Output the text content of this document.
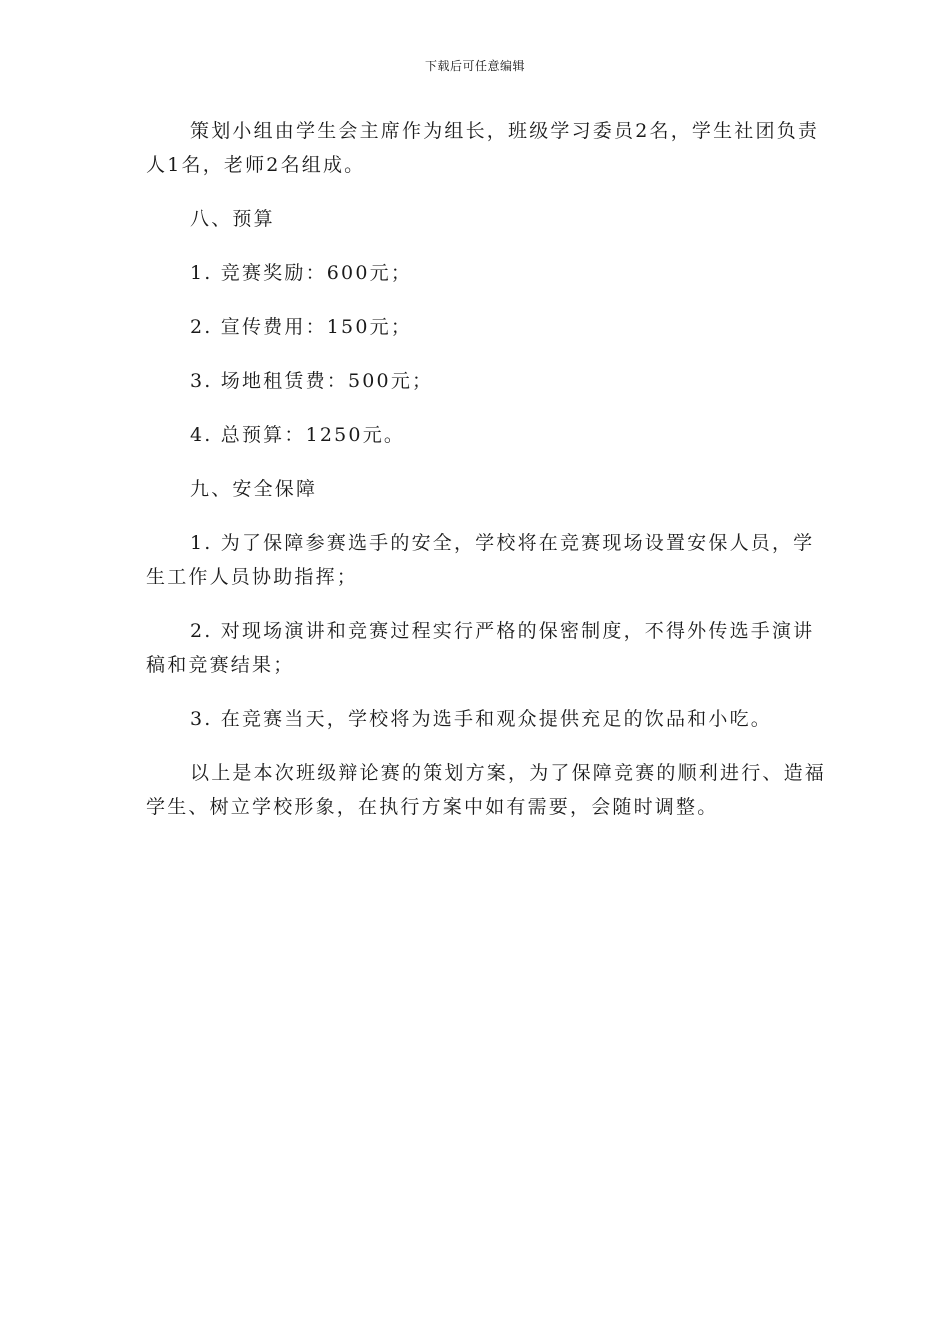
下载后可任意编辑

策划小组由学生会主席作为组长，班级学习委员2名，学生社团负责人1名，老师2名组成。

八、预算

1. 竞赛奖励：600元；

2. 宣传费用：150元；

3. 场地租赁费：500元；

4. 总预算：1250元。

九、安全保障

1. 为了保障参赛选手的安全，学校将在竞赛现场设置安保人员，学生工作人员协助指挥；

2. 对现场演讲和竞赛过程实行严格的保密制度，不得外传选手演讲稿和竞赛结果；

3. 在竞赛当天，学校将为选手和观众提供充足的饮品和小吃。

以上是本次班级辩论赛的策划方案，为了保障竞赛的顺利进行、造福学生、树立学校形象，在执行方案中如有需要，会随时调整。
